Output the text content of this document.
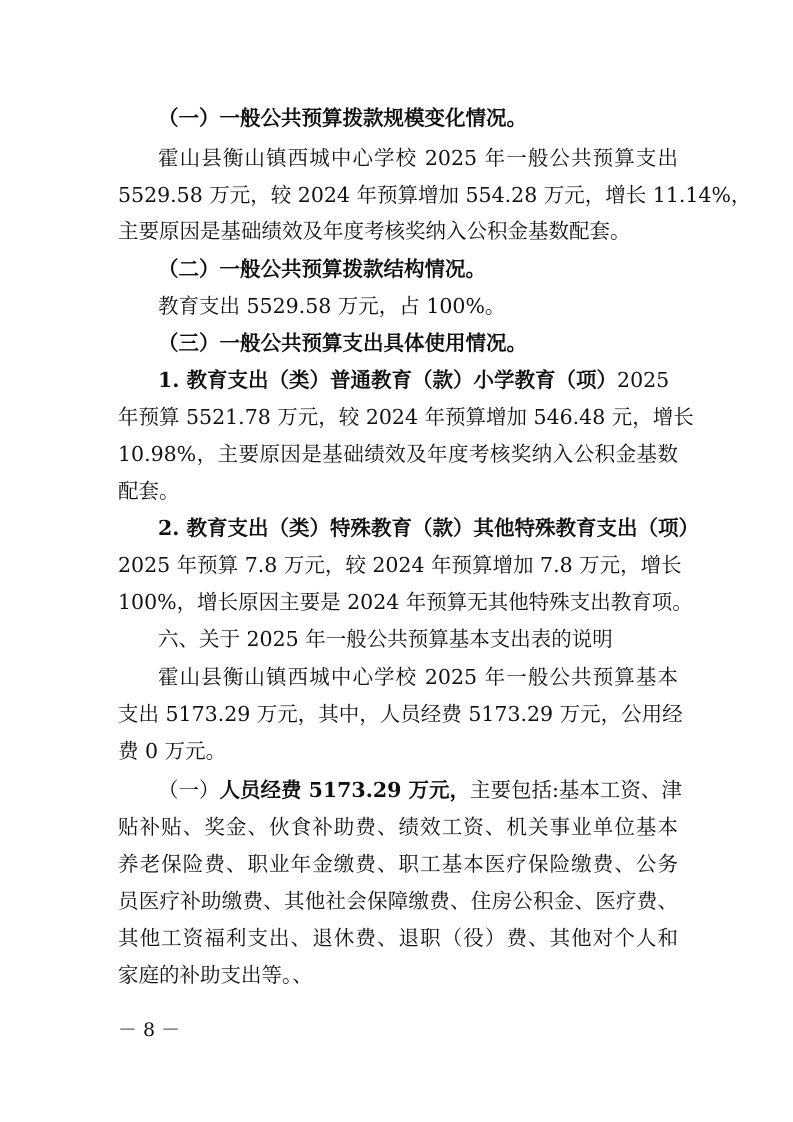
（一）一般公共预算拨款规模变化情况。
霍山县衡山镇西城中心学校 2025 年一般公共预算支出
5529.58 万元，较 2024 年预算增加 554.28 万元，增长 11.14%，
主要原因是基础绩效及年度考核奖纳入公积金基数配套。
（二）一般公共预算拨款结构情况。
教育支出 5529.58 万元，占 100%。
（三）一般公共预算支出具体使用情况。
1. 教育支出（类）普通教育（款）小学教育（项）2025
年预算 5521.78 万元，较 2024 年预算增加 546.48 元，增长
10.98%，主要原因是基础绩效及年度考核奖纳入公积金基数
配套。
2. 教育支出（类）特殊教育（款）其他特殊教育支出（项）
2025 年预算 7.8 万元，较 2024 年预算增加 7.8 万元，增长
100%，增长原因主要是 2024 年预算无其他特殊支出教育项。
六、关于 2025 年一般公共预算基本支出表的说明
霍山县衡山镇西城中心学校 2025 年一般公共预算基本
支出 5173.29 万元，其中，人员经费 5173.29 万元，公用经
费 0 万元。
（一）人员经费 5173.29 万元，主要包括:基本工资、津
贴补贴、奖金、伙食补助费、绩效工资、机关事业单位基本
养老保险费、职业年金缴费、职工基本医疗保险缴费、公务
员医疗补助缴费、其他社会保障缴费、住房公积金、医疗费、
其他工资福利支出、退休费、退职（役）费、其他对个人和
家庭的补助支出等。、
－ 8 －
